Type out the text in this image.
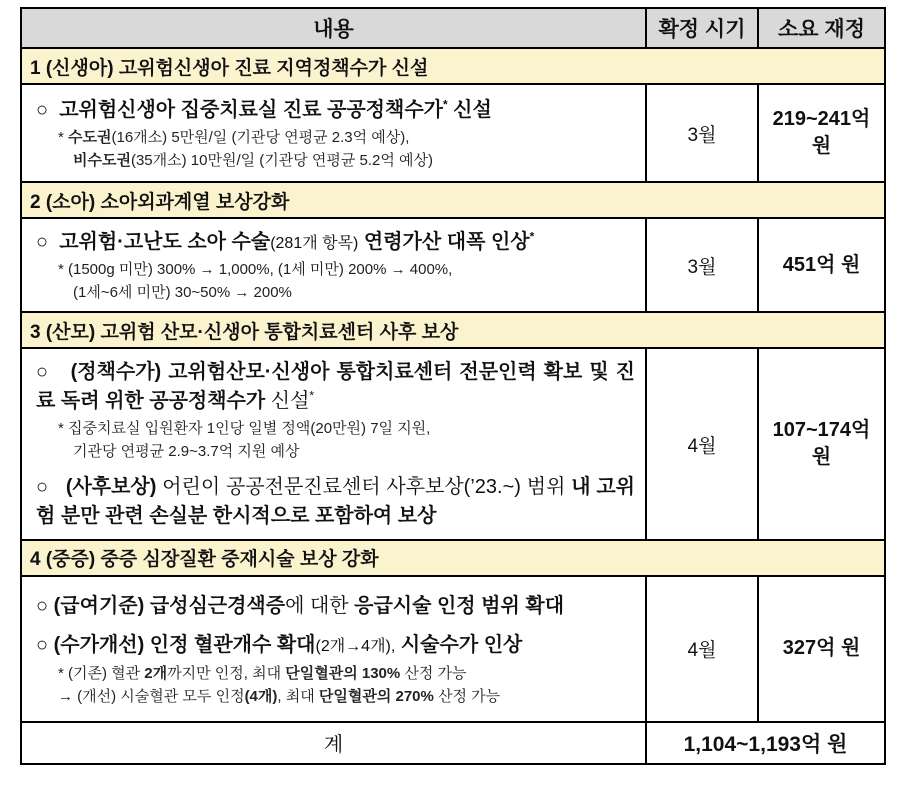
내용	확정 시기	소요 재정
1 (신생아) 고위험신생아 진료 지역정책수가 신설		

○  고위험신생아 집중치료실 진료 공공정책수가* 신설

* 수도권(16개소) 5만원/일 (기관당 연평균 2.3억 예상),

비수도권(35개소) 10만원/일 (기관당 연평균 5.2억 예상)	3월	219~241억 원
2 (소아) 소아외과계열 보상강화		

○  고위험·고난도 소아 수술(281개 항목) 연령가산 대폭 인상*

* (1500g 미만) 300% → 1,000%, (1세 미만) 200% → 400%,

(1세~6세 미만) 30~50% → 200%	3월	451억 원
3 (산모) 고위험 산모·신생아 통합치료센터 사후 보상		

○   (정책수가) 고위험산모·신생아 통합치료센터 전문인력 확보 및 진료 독려 위한 공공정책수가 신설*

* 집중치료실 입원환자 1인당 일별 정액(20만원) 7일 지원,

기관당 연평균 2.9~3.7억 지원 예상

○   (사후보상) 어린이 공공전문진료센터 사후보상(’23.~) 범위 내 고위험 분만 관련 손실분 한시적으로 포함하여 보상	4월	107~174억 원
4 (중증) 중증 심장질환 중재시술 보상 강화		

○ (급여기준) 급성심근경색증에 대한 응급시술 인정 범위 확대

○ (수가개선) 인정 혈관개수 확대(2개→4개), 시술수가 인상

* (기존) 혈관 2개까지만 인정, 최대 단일혈관의 130% 산정 가능

→ (개선) 시술혈관 모두 인정(4개), 최대 단일혈관의 270% 산정 가능	4월	327억 원
계	1,104~1,193억 원	
